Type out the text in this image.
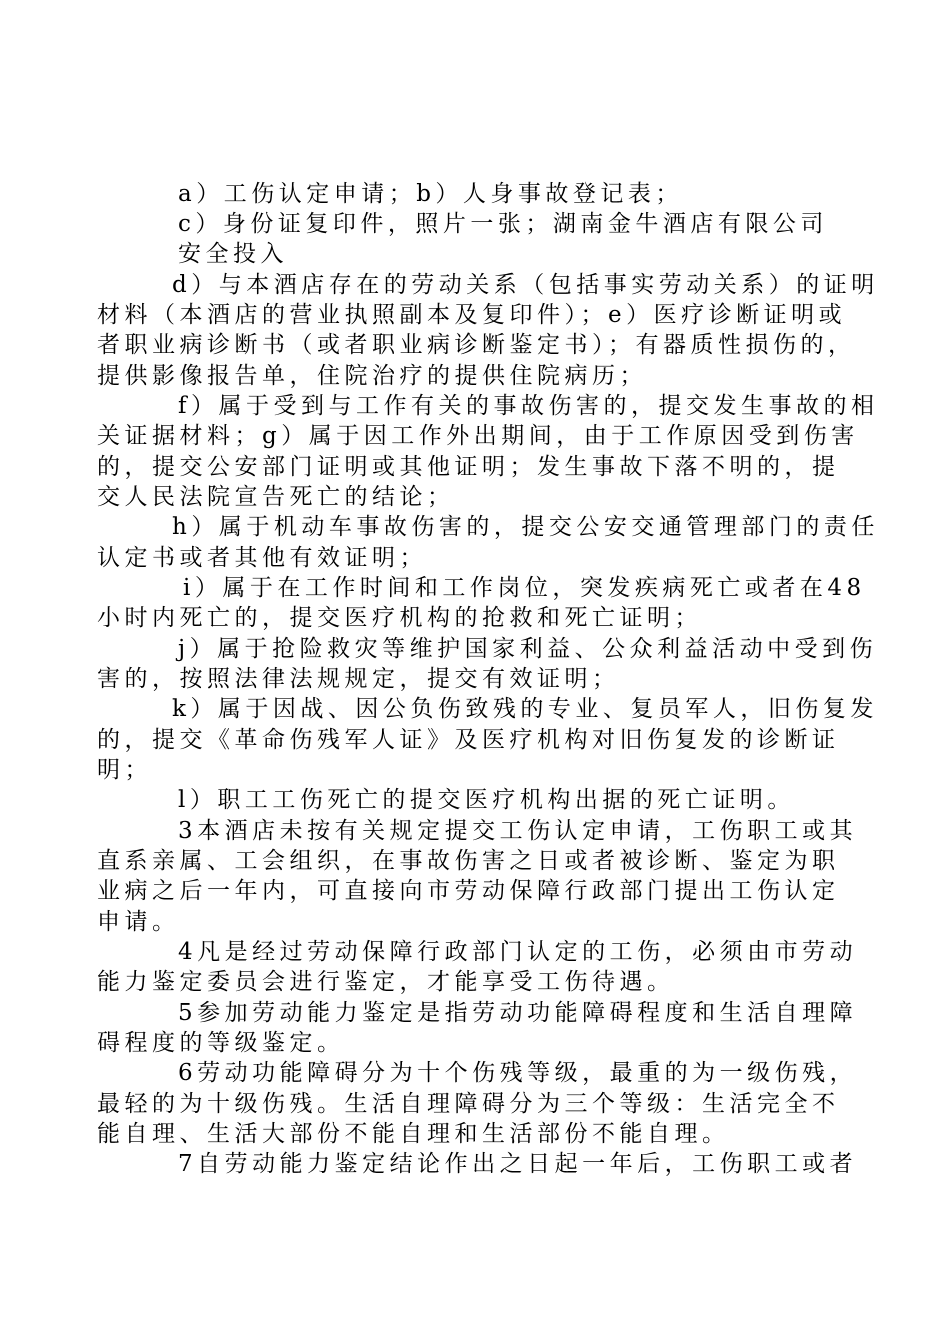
a）工伤认定申请；b）人身事故登记表；
c）身份证复印件，照片一张；湖南金牛酒店有限公司
安全投入
d）与本酒店存在的劳动关系（包括事实劳动关系）的证明
材料（本酒店的营业执照副本及复印件）；e）医疗诊断证明或
者职业病诊断书（或者职业病诊断鉴定书）；有器质性损伤的，
提供影像报告单，住院治疗的提供住院病历；
f）属于受到与工作有关的事故伤害的，提交发生事故的相
关证据材料；g）属于因工作外出期间，由于工作原因受到伤害
的，提交公安部门证明或其他证明；发生事故下落不明的，提
交人民法院宣告死亡的结论；
h）属于机动车事故伤害的，提交公安交通管理部门的责任
认定书或者其他有效证明；
i）属于在工作时间和工作岗位，突发疾病死亡或者在48
小时内死亡的，提交医疗机构的抢救和死亡证明；
j）属于抢险救灾等维护国家利益、公众利益活动中受到伤
害的，按照法律法规规定，提交有效证明；
k）属于因战、因公负伤致残的专业、复员军人，旧伤复发
的，提交《革命伤残军人证》及医疗机构对旧伤复发的诊断证
明；
l）职工工伤死亡的提交医疗机构出据的死亡证明。
3本酒店未按有关规定提交工伤认定申请，工伤职工或其
直系亲属、工会组织，在事故伤害之日或者被诊断、鉴定为职
业病之后一年内，可直接向市劳动保障行政部门提出工伤认定
申请。
4凡是经过劳动保障行政部门认定的工伤，必须由市劳动
能力鉴定委员会进行鉴定，才能享受工伤待遇。
5参加劳动能力鉴定是指劳动功能障碍程度和生活自理障
碍程度的等级鉴定。
6劳动功能障碍分为十个伤残等级，最重的为一级伤残，
最轻的为十级伤残。生活自理障碍分为三个等级：生活完全不
能自理、生活大部份不能自理和生活部份不能自理。
7自劳动能力鉴定结论作出之日起一年后，工伤职工或者
